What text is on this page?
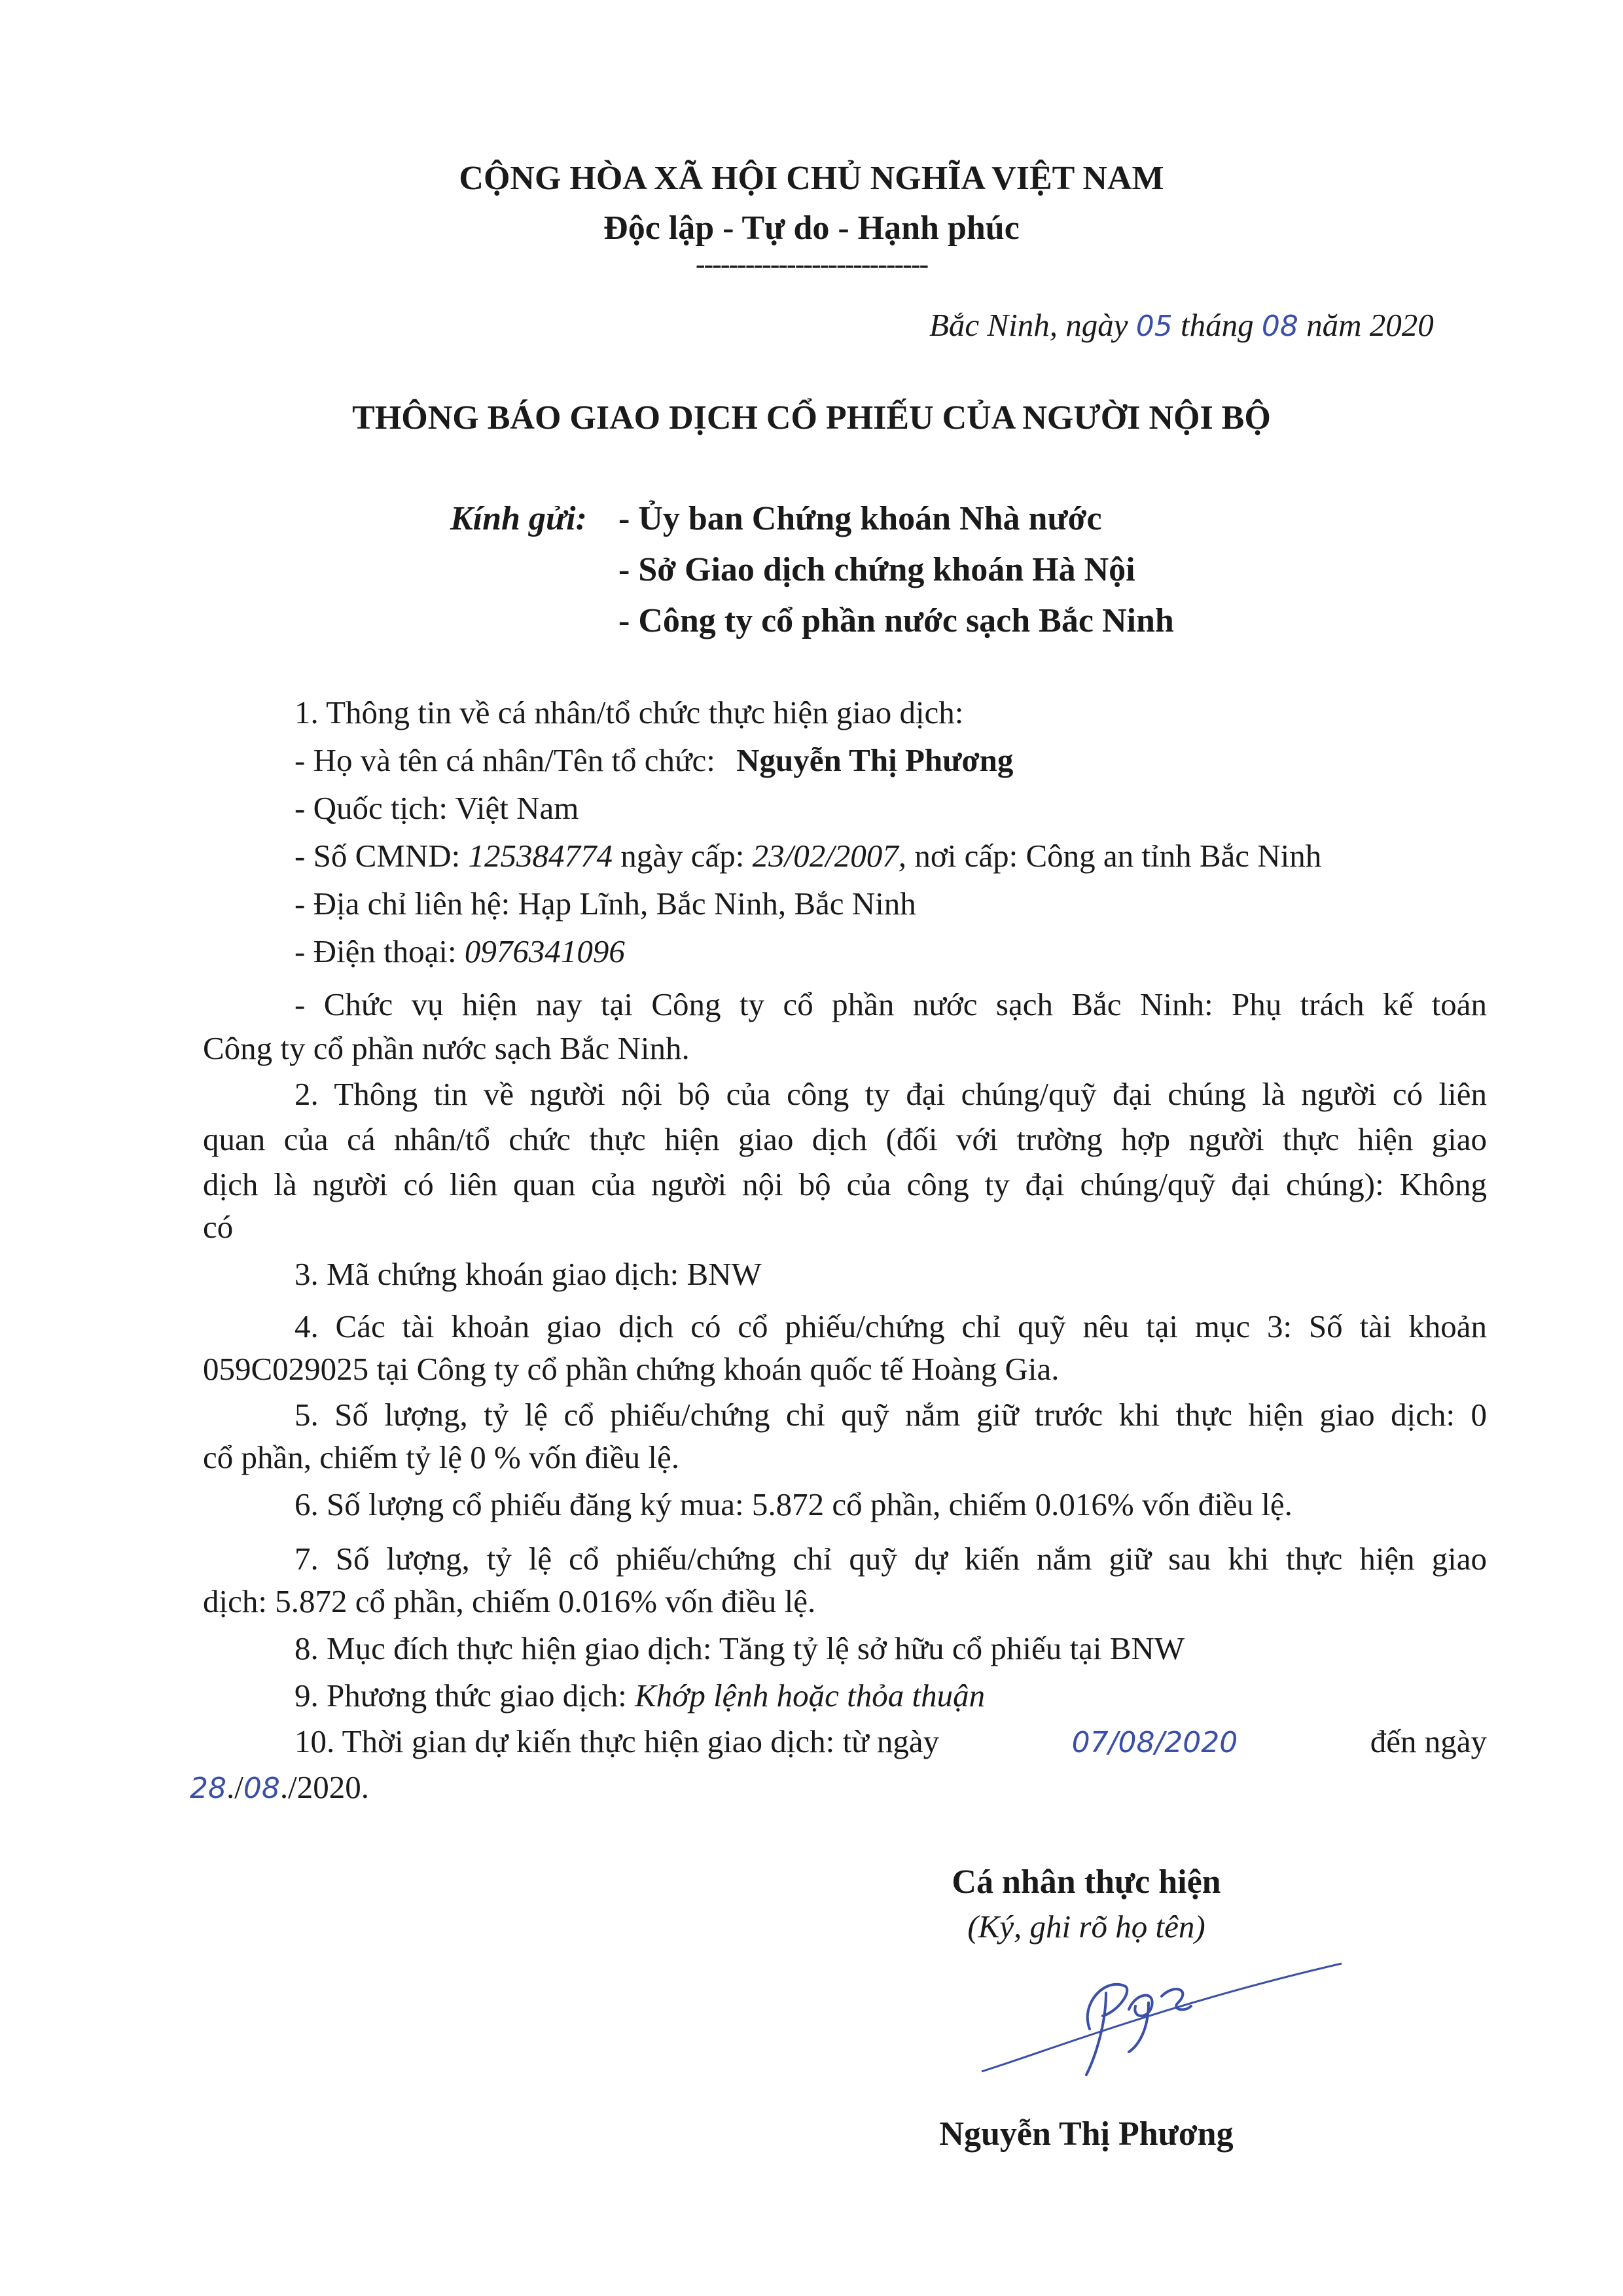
CỘNG HÒA XÃ HỘI CHỦ NGHĨA VIỆT NAM

Độc lập - Tự do - Hạnh phúc

----------------------------

Bắc Ninh, ngày 05 tháng 08 năm 2020

THÔNG BÁO GIAO DỊCH CỔ PHIẾU CỦA NGƯỜI NỘI BỘ

Kính gửi: - Ủy ban Chứng khoán Nhà nước

- Sở Giao dịch chứng khoán Hà Nội

- Công ty cổ phần nước sạch Bắc Ninh

1. Thông tin về cá nhân/tổ chức thực hiện giao dịch:

- Họ và tên cá nhân/Tên tổ chức: Nguyễn Thị Phương

- Quốc tịch: Việt Nam

- Số CMND: 125384774 ngày cấp: 23/02/2007, nơi cấp: Công an tỉnh Bắc Ninh

- Địa chỉ liên hệ: Hạp Lĩnh, Bắc Ninh, Bắc Ninh

- Điện thoại: 0976341096

- Chức vụ hiện nay tại Công ty cổ phần nước sạch Bắc Ninh: Phụ trách kế toán

Công ty cổ phần nước sạch Bắc Ninh.

2. Thông tin về người nội bộ của công ty đại chúng/quỹ đại chúng là người có liên

quan của cá nhân/tổ chức thực hiện giao dịch (đối với trường hợp người thực hiện giao

dịch là người có liên quan của người nội bộ của công ty đại chúng/quỹ đại chúng): Không

có

3. Mã chứng khoán giao dịch: BNW

4. Các tài khoản giao dịch có cổ phiếu/chứng chỉ quỹ nêu tại mục 3: Số tài khoản

059C029025 tại Công ty cổ phần chứng khoán quốc tế Hoàng Gia.

5. Số lượng, tỷ lệ cổ phiếu/chứng chỉ quỹ nắm giữ trước khi thực hiện giao dịch: 0

cổ phần, chiếm tỷ lệ 0 % vốn điều lệ.

6. Số lượng cổ phiếu đăng ký mua: 5.872 cổ phần, chiếm 0.016% vốn điều lệ.

7. Số lượng, tỷ lệ cổ phiếu/chứng chỉ quỹ dự kiến nắm giữ sau khi thực hiện giao

dịch: 5.872 cổ phần, chiếm 0.016% vốn điều lệ.

8. Mục đích thực hiện giao dịch: Tăng tỷ lệ sở hữu cổ phiếu tại BNW

9. Phương thức giao dịch: Khớp lệnh hoặc thỏa thuận

10. Thời gian dự kiến thực hiện giao dịch: từ ngày	07/08/2020	đến ngày

28./08./2020.

Cá nhân thực hiện

(Ký, ghi rõ họ tên)

Nguyễn Thị Phương
